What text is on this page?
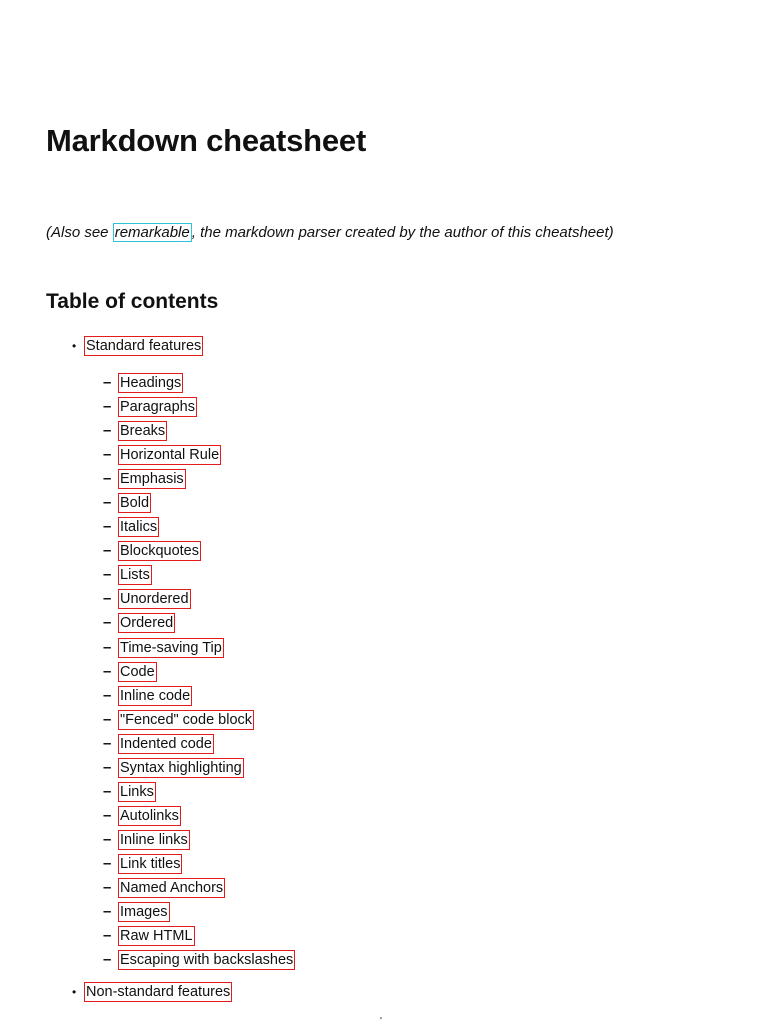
Markdown cheatsheet

(Also see remarkable , the markdown parser created by the author of this cheatsheet)

Table of contents
• Standard features
– Headings
– Paragraphs
– Breaks
– Horizontal Rule
– Emphasis
– Bold
– Italics
– Blockquotes
– Lists
– Unordered
– Ordered
– Time-saving Tip
– Code
– Inline code
– "Fenced" code block
– Indented code
– Syntax highlighting
– Links
– Autolinks
– Inline links
– Link titles
– Named Anchors
– Images
– Raw HTML
– Escaping with backslashes
• Non-standard features
'
